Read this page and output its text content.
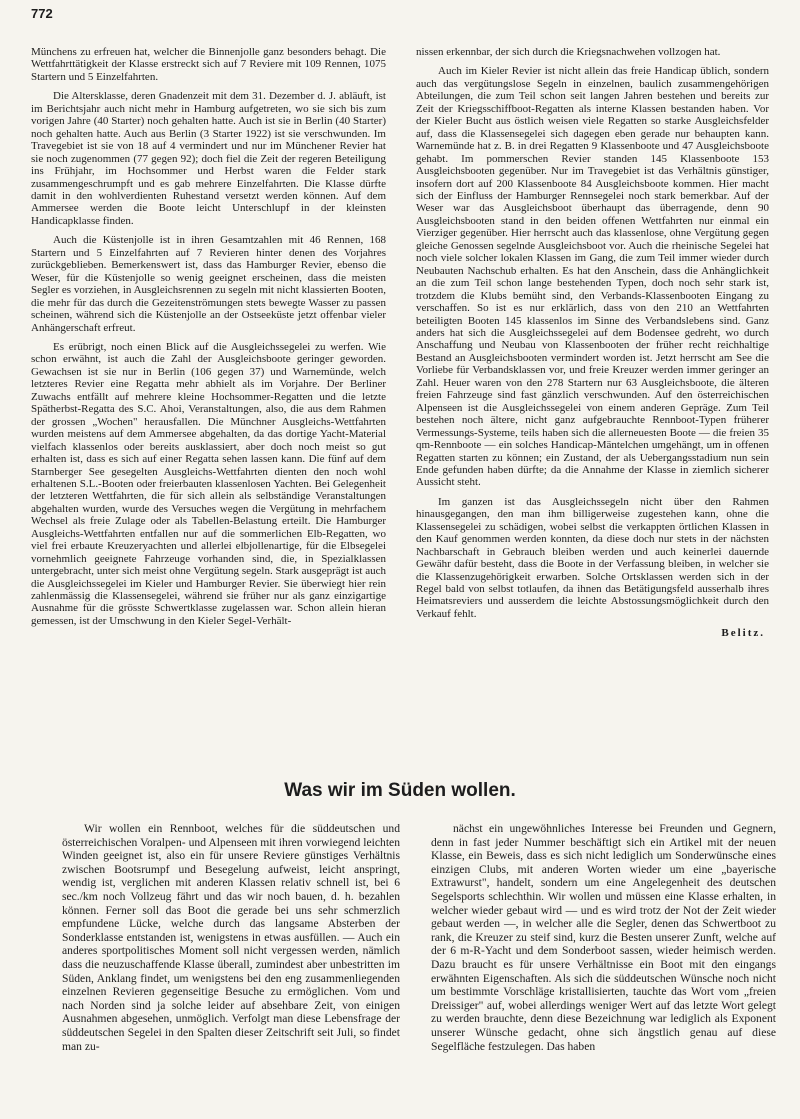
772

Münchens zu erfreuen hat, welcher die Binnenjolle ganz besonders behagt. Die Wettfahrttätigkeit der Klasse erstreckt sich auf 7 Reviere mit 109 Rennen, 1075 Startern und 5 Einzelfahrten.

Die Altersklasse, deren Gnadenzeit mit dem 31. Dezember d. J. abläuft, ist im Berichtsjahr auch nicht mehr in Hamburg aufgetreten, wo sie sich bis zum vorigen Jahre (40 Starter) noch gehalten hatte. Auch ist sie in Berlin (40 Starter) noch gehalten hatte. Auch aus Berlin (3 Starter 1922) ist sie verschwunden. Im Travegebiet ist sie von 18 auf 4 vermindert und nur im Münchener Revier hat sie noch zugenommen (77 gegen 92); doch fiel die Zeit der regeren Beteiligung ins Frühjahr, im Hochsommer und Herbst waren die Felder stark zusammengeschrumpft und es gab mehrere Einzelfahrten. Die Klasse dürfte damit in den wohlverdienten Ruhestand versetzt werden können. Auf dem Ammersee werden die Boote leicht Unterschlupf in der kleinsten Handicapklasse finden.

Auch die Küstenjolle ist in ihren Gesamtzahlen mit 46 Rennen, 168 Startern und 5 Einzelfahrten auf 7 Revieren hinter denen des Vorjahres zurückgeblieben. Bemerkenswert ist, dass das Hamburger Revier, ebenso die Weser, für die Küstenjolle so wenig geeignet erscheinen, dass die meisten Segler es vorziehen, in Ausgleichsrennen zu segeln mit nicht klassierten Booten, die mehr für das durch die Gezeitenströmungen stets bewegte Wasser zu passen scheinen, während sich die Küstenjolle an der Ostseeküste jetzt offenbar vieler Anhängerschaft erfreut.

Es erübrigt, noch einen Blick auf die Ausgleichssegelei zu werfen. Wie schon erwähnt, ist auch die Zahl der Ausgleichsboote geringer geworden. Gewachsen ist sie nur in Berlin (106 gegen 37) und Warnemünde, welch letzteres Revier eine Regatta mehr abhielt als im Vorjahre. Der Berliner Zuwachs entfällt auf mehrere kleine Hochsommer-Regatten und die letzte Spätherbst-Regatta des S.C. Ahoi, Veranstaltungen, also, die aus dem Rahmen der grossen „Wochen" herausfallen. Die Münchner Ausgleichs-Wettfahrten wurden meistens auf dem Ammersee abgehalten, da das dortige Yacht-Material vielfach klassenlos oder bereits ausklassiert, aber doch noch meist so gut erhalten ist, dass es sich auf einer Regatta sehen lassen kann. Die fünf auf dem Starnberger See gesegelten Ausgleichs-Wettfahrten dienten den noch wohl erhaltenen S.L.-Booten oder freierbauten klassenlosen Yachten. Bei Gelegenheit der letzteren Wettfahrten, die für sich allein als selbständige Veranstaltungen abgehalten wurden, wurde des Versuches wegen die Vergütung in mehrfachem Wechsel als freie Zulage oder als Tabellen-Belastung erteilt. Die Hamburger Ausgleichs-Wettfahrten entfallen nur auf die sommerlichen Elb-Regatten, wo viel frei erbaute Kreuzeryachten und allerlei elbjollenartige, für die Elbsegelei vornehmlich geeignete Fahrzeuge vorhanden sind, die, in Spezialklassen untergebracht, unter sich meist ohne Vergütung segeln. Stark ausgeprägt ist auch die Ausgleichssegelei im Kieler und Hamburger Revier. Sie überwiegt hier rein zahlenmässig die Klassensegelei, während sie früher nur als ganz einzigartige Ausnahme für die grösste Schwertklasse zugelassen war. Schon allein hieran gemessen, ist der Umschwung in den Kieler Segel-Verhält-

nissen erkennbar, der sich durch die Kriegsnachwehen vollzogen hat.

Auch im Kieler Revier ist nicht allein das freie Handicap üblich, sondern auch das vergütungslose Segeln in einzelnen, baulich zusammengehörigen Abteilungen, die zum Teil schon seit langen Jahren bestehen und bereits zur Zeit der Kriegsschiffboot-Regatten als interne Klassen bestanden haben. Vor der Kieler Bucht aus östlich weisen viele Regatten so starke Ausgleichsfelder auf, dass die Klassensegelei sich dagegen eben gerade nur behaupten kann. Warnemünde hat z. B. in drei Regatten 9 Klassenboote und 47 Ausgleichsboote gehabt. Im pommerschen Revier standen 145 Klassenboote 153 Ausgleichsbooten gegenüber. Nur im Travegebiet ist das Verhältnis günstiger, insofern dort auf 200 Klassenboote 84 Ausgleichsboote kommen. Hier macht sich der Einfluss der Hamburger Rennsegelei noch stark bemerkbar. Auf der Weser war das Ausgleichsboot überhaupt das überragende, denn 90 Ausgleichsbooten stand in den beiden offenen Wettfahrten nur einmal ein Vierziger gegenüber. Hier herrscht auch das klassenlose, ohne Vergütung gegen gleiche Genossen segelnde Ausgleichsboot vor. Auch die rheinische Segelei hat noch viele solcher lokalen Klassen im Gang, die zum Teil immer wieder durch Neubauten Nachschub erhalten. Es hat den Anschein, dass die Anhänglichkeit an die zum Teil schon lange bestehenden Typen, doch noch sehr stark ist, trotzdem die Klubs bemüht sind, den Verbands-Klassenbooten Eingang zu verschaffen. So ist es nur erklärlich, dass von den 210 an Wettfahrten beteiligten Booten 145 klassenlos im Sinne des Verbandslebens sind. Ganz anders hat sich die Ausgleichssegelei auf dem Bodensee gedreht, wo durch Anschaffung und Neubau von Klassenbooten der früher recht reichhaltige Bestand an Ausgleichsbooten vermindert worden ist. Jetzt herrscht am See die Vorliebe für Verbandsklassen vor, und freie Kreuzer werden immer geringer an Zahl. Heuer waren von den 278 Startern nur 63 Ausgleichsboote, die älteren freien Fahrzeuge sind fast gänzlich verschwunden. Auf den österreichischen Alpenseen ist die Ausgleichssegelei von einem anderen Gepräge. Zum Teil bestehen noch ältere, nicht ganz aufgebrauchte Rennboot-Typen früherer Vermessungs-Systeme, teils haben sich die allerneuesten Boote — die freien 35 qm-Rennboote — ein solches Handicap-Mäntelchen umgehängt, um in offenen Regatten starten zu können; ein Zustand, der als Uebergangsstadium nun sein Ende gefunden haben dürfte; da die Annahme der Klasse in ziemlich sicherer Aussicht steht.

Im ganzen ist das Ausgleichssegeln nicht über den Rahmen hinausgegangen, den man ihm billigerweise zugestehen kann, ohne die Klassensegelei zu schädigen, wobei selbst die verkappten örtlichen Klassen in den Kauf genommen werden konnten, da diese doch nur stets in der nächsten Nachbarschaft in Gebrauch bleiben werden und auch keinerlei dauernde Gewähr dafür besteht, dass die Boote in der Verfassung bleiben, in welcher sie die Klassenzugehörigkeit erwarben. Solche Ortsklassen werden sich in der Regel bald von selbst totlaufen, da ihnen das Betätigungsfeld ausserhalb ihres Heimatsreviers und ausserdem die leichte Abstossungsmöglichkeit durch den Verkauf fehlt.

Belitz.
Was wir im Süden wollen.

Wir wollen ein Rennboot, welches für die süddeutschen und österreichischen Voralpen- und Alpenseen mit ihren vorwiegend leichten Winden geeignet ist, also ein für unsere Reviere günstiges Verhältnis zwischen Bootsrumpf und Besegelung aufweist, leicht anspringt, wendig ist, verglichen mit anderen Klassen relativ schnell ist, bei 6 sec./km noch Vollzeug fährt und das wir noch bauen, d. h. bezahlen können. Ferner soll das Boot die gerade bei uns sehr schmerzlich empfundene Lücke, welche durch das langsame Absterben der Sonderklasse entstanden ist, wenigstens in etwas ausfüllen. — Auch ein anderes sportpolitisches Moment soll nicht vergessen werden, nämlich dass die neuzuschaffende Klasse überall, zumindest aber unbestritten im Süden, Anklang findet, um wenigstens bei den eng zusammenliegenden einzelnen Revieren gegenseitige Besuche zu ermöglichen. Vom und nach Norden sind ja solche leider auf absehbare Zeit, von einigen Ausnahmen abgesehen, unmöglich. Verfolgt man diese Lebensfrage der süddeutschen Segelei in den Spalten dieser Zeitschrift seit Juli, so findet man zu-

nächst ein ungewöhnliches Interesse bei Freunden und Gegnern, denn in fast jeder Nummer beschäftigt sich ein Artikel mit der neuen Klasse, ein Beweis, dass es sich nicht lediglich um Sonderwünsche eines einzigen Clubs, mit anderen Worten wieder um eine „bayerische Extrawurst", handelt, sondern um eine Angelegenheit des deutschen Segelsports schlechthin. Wir wollen und müssen eine Klasse erhalten, in welcher wieder gebaut wird — und es wird trotz der Not der Zeit wieder gebaut werden —, in welcher alle die Segler, denen das Schwertboot zu rank, die Kreuzer zu steif sind, kurz die Besten unserer Zunft, welche auf der 6 m-R-Yacht und dem Sonderboot sassen, wieder heimisch werden. Dazu braucht es für unsere Verhältnisse ein Boot mit den eingangs erwähnten Eigenschaften. Als sich die süddeutschen Wünsche noch nicht um bestimmte Vorschläge kristallisierten, tauchte das Wort vom „freien Dreissiger" auf, wobei allerdings weniger Wert auf das letzte Wort gelegt zu werden brauchte, denn diese Bezeichnung war lediglich als Exponent unserer Wünsche gedacht, ohne sich ängstlich genau auf diese Segelfläche festzulegen. Das haben
